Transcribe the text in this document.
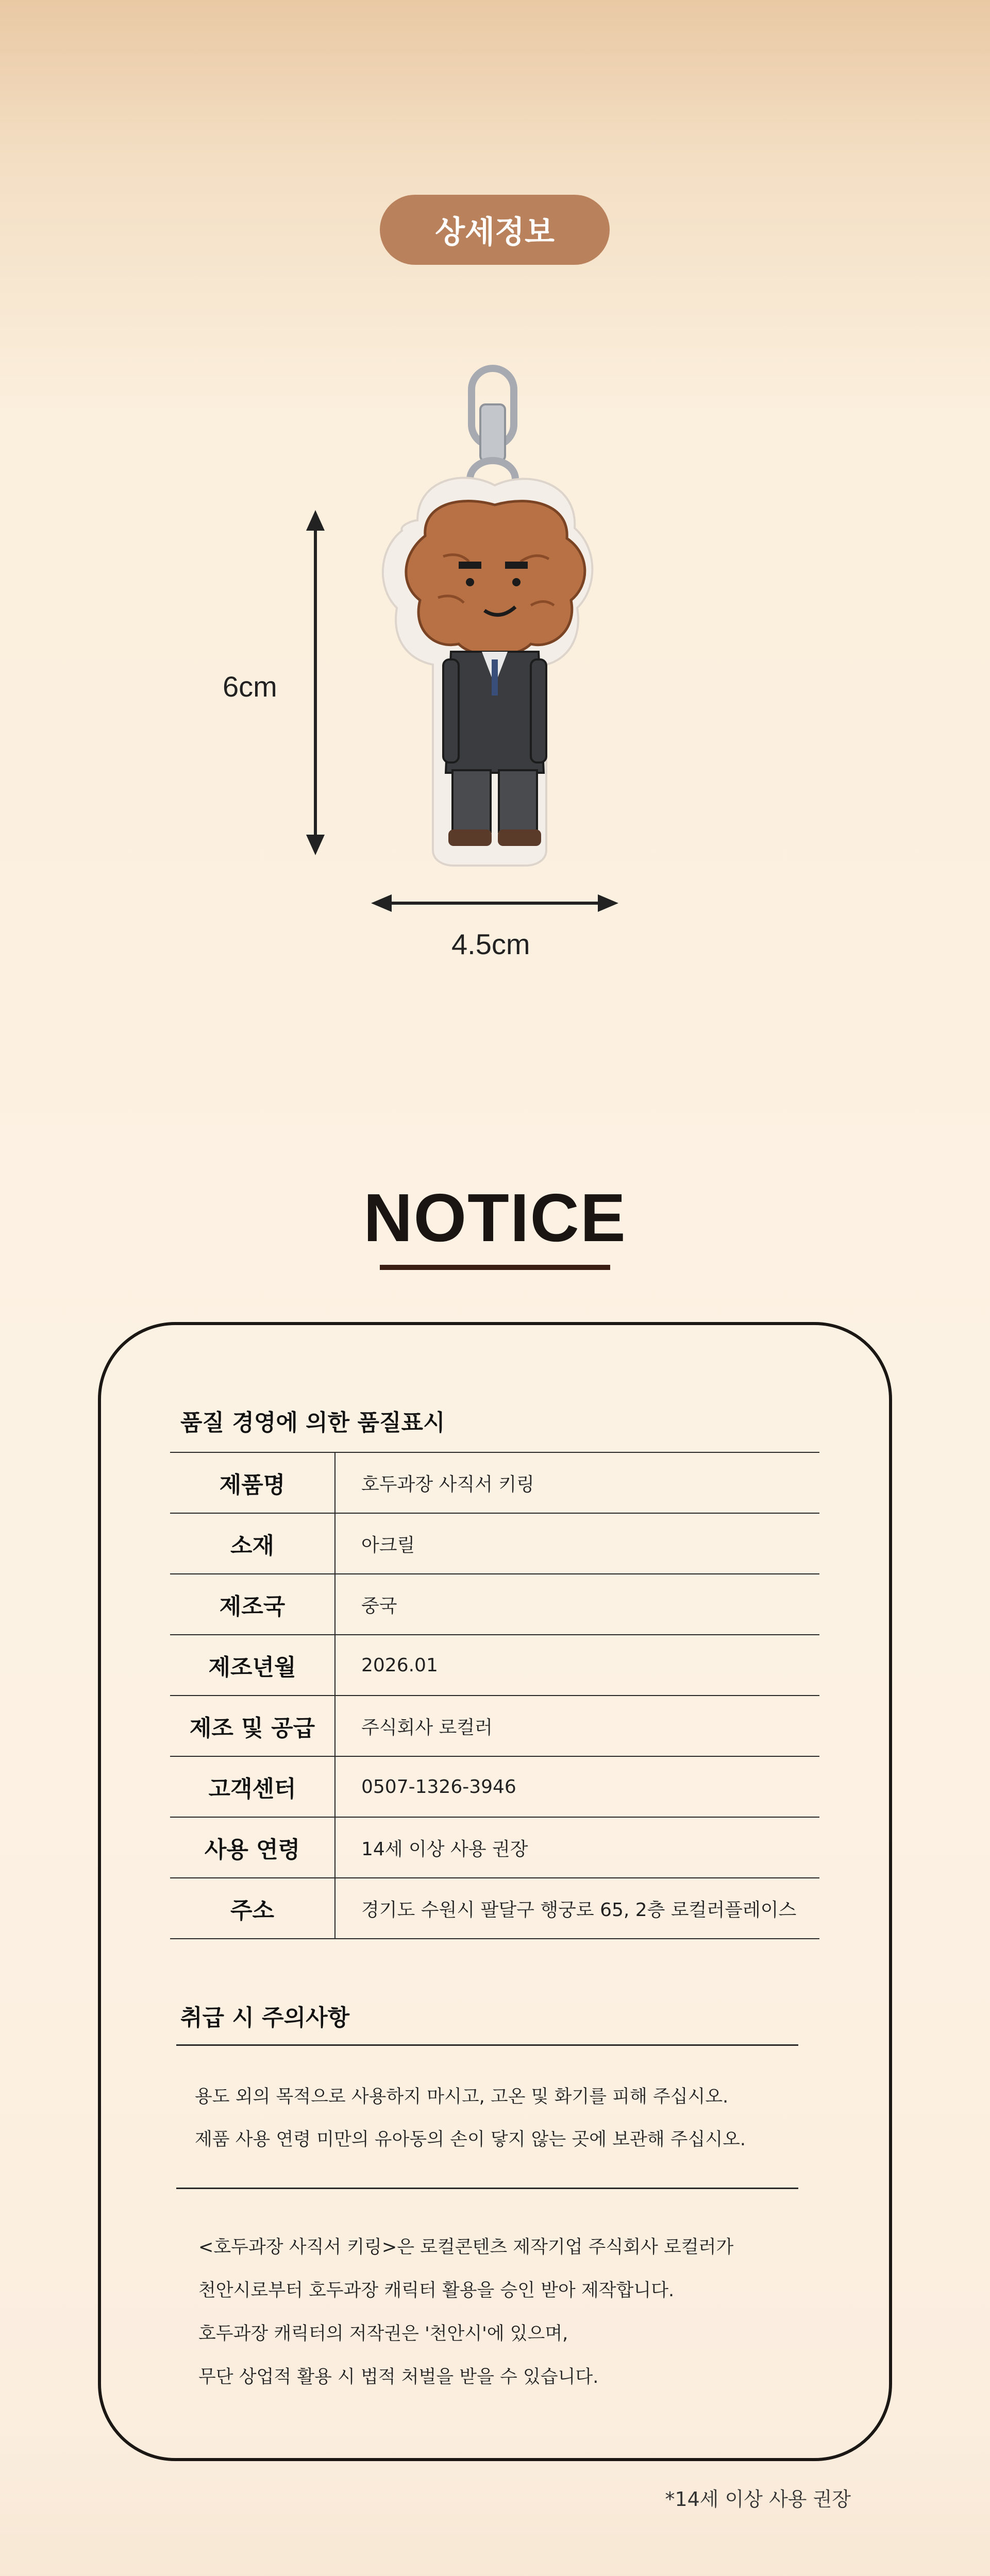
상세정보
6cm
4.5cm
NOTICE
품질 경영에 의한 품질표시
제품명	호두과장 사직서 키링
소재	아크릴
제조국	중국
제조년월	2026.01
제조 및 공급	주식회사 로컬러
고객센터	0507-1326-3946
사용 연령	14세 이상 사용 권장
주소	경기도 수원시 팔달구 행궁로 65, 2층 로컬러플레이스
취급 시 주의사항
용도 외의 목적으로 사용하지 마시고, 고온 및 화기를 피해 주십시오.
제품 사용 연령 미만의 유아동의 손이 닿지 않는 곳에 보관해 주십시오.
<호두과장 사직서 키링>은 로컬콘텐츠 제작기업 주식회사 로컬러가
천안시로부터 호두과장 캐릭터 활용을 승인 받아 제작합니다.
호두과장 캐릭터의 저작권은 '천안시'에 있으며,
무단 상업적 활용 시 법적 처벌을 받을 수 있습니다.
*14세 이상 사용 권장
